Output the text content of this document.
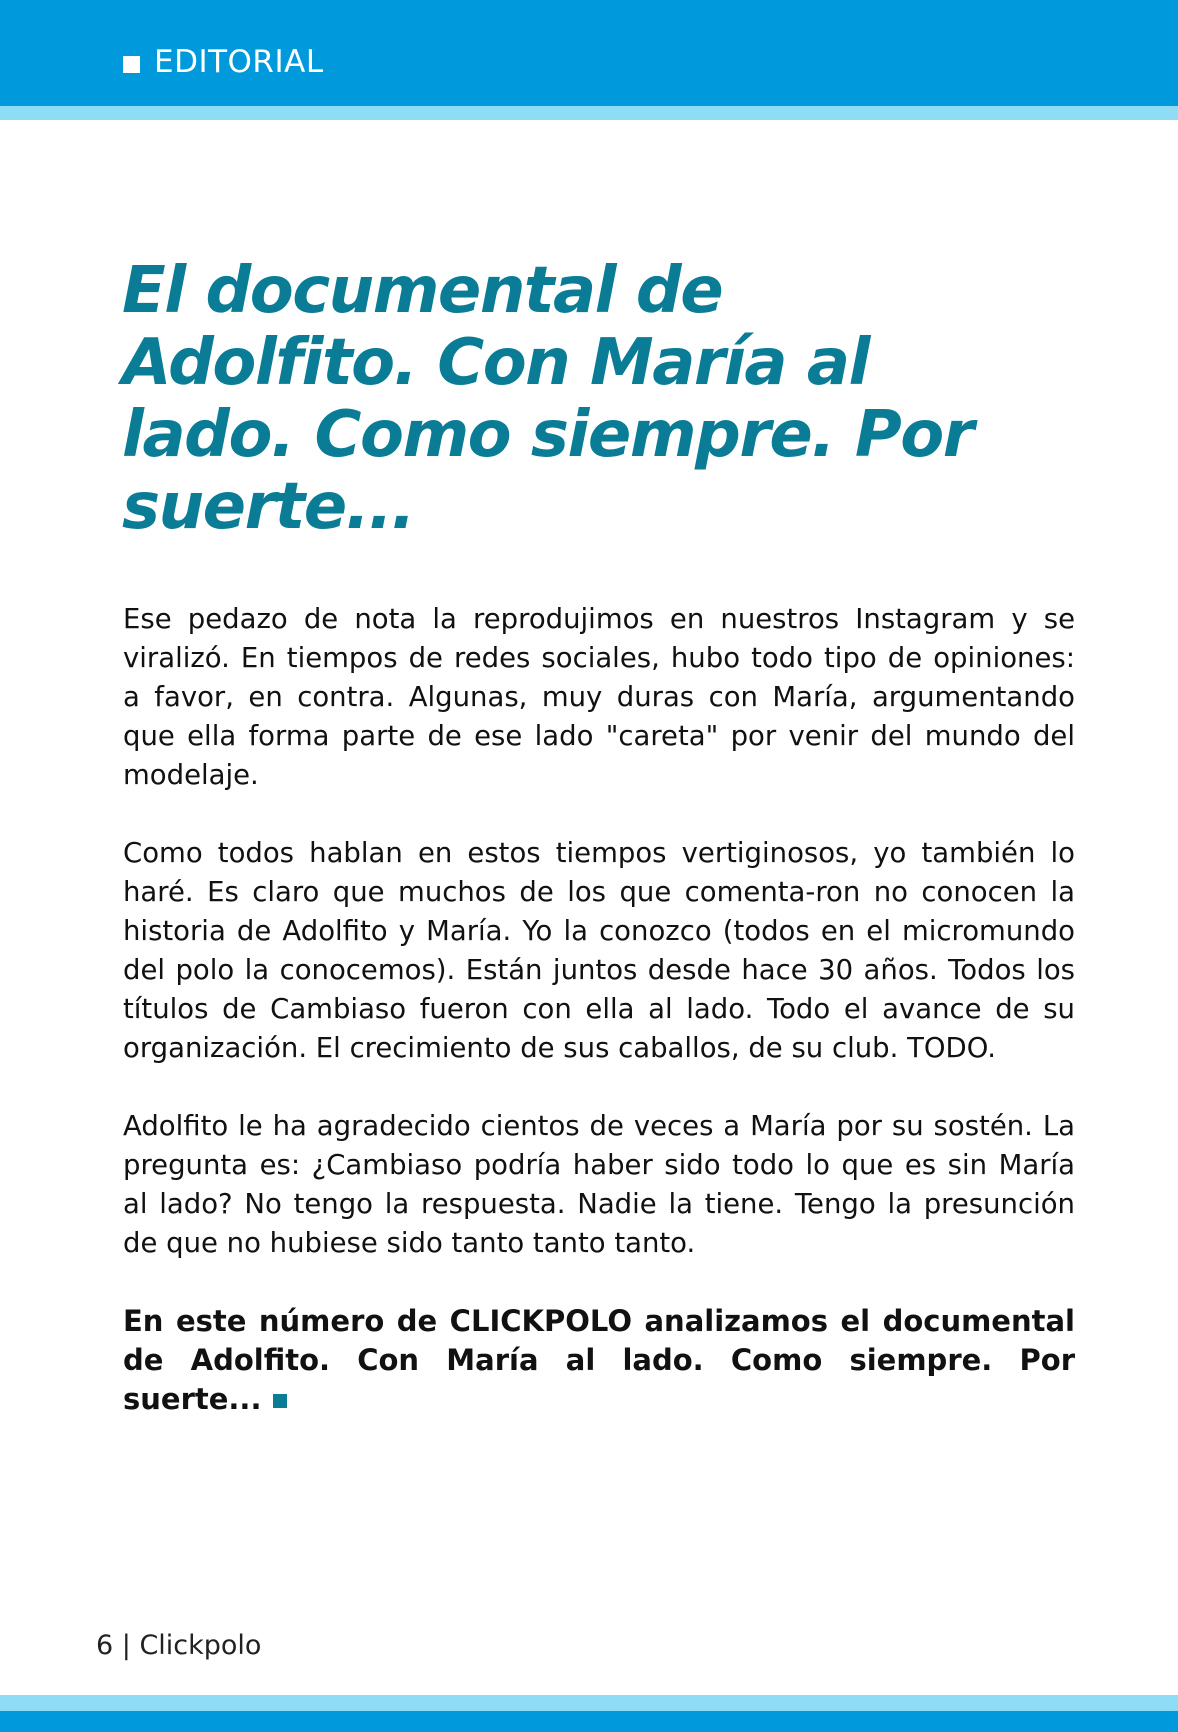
EDITORIAL
El documental de Adolfito. Con María al lado. Como siempre. Por suerte...

Ese pedazo de nota la reprodujimos en nuestros Instagram y se viralizó. En tiempos de redes sociales, hubo todo tipo de opiniones: a favor, en contra. Algunas, muy duras con María, argumentando que ella forma parte de ese lado "careta" por venir del mundo del modelaje.

Como todos hablan en estos tiempos vertiginosos, yo también lo haré. Es claro que muchos de los que comenta-ron no conocen la historia de Adolfito y María. Yo la conozco (todos en el micromundo del polo la conocemos). Están juntos desde hace 30 años. Todos los títulos de Cambiaso fueron con ella al lado. Todo el avance de su organización. El crecimiento de sus caballos, de su club. TODO.

Adolfito le ha agradecido cientos de veces a María por su sostén. La pregunta es: ¿Cambiaso podría haber sido todo lo que es sin María al lado? No tengo la respuesta. Nadie la tiene. Tengo la presunción de que no hubiese sido tanto tanto tanto.

En este número de CLICKPOLO analizamos el documental de Adolfito. Con María al lado. Como siempre. Por suerte...

6 | Clickpolo
